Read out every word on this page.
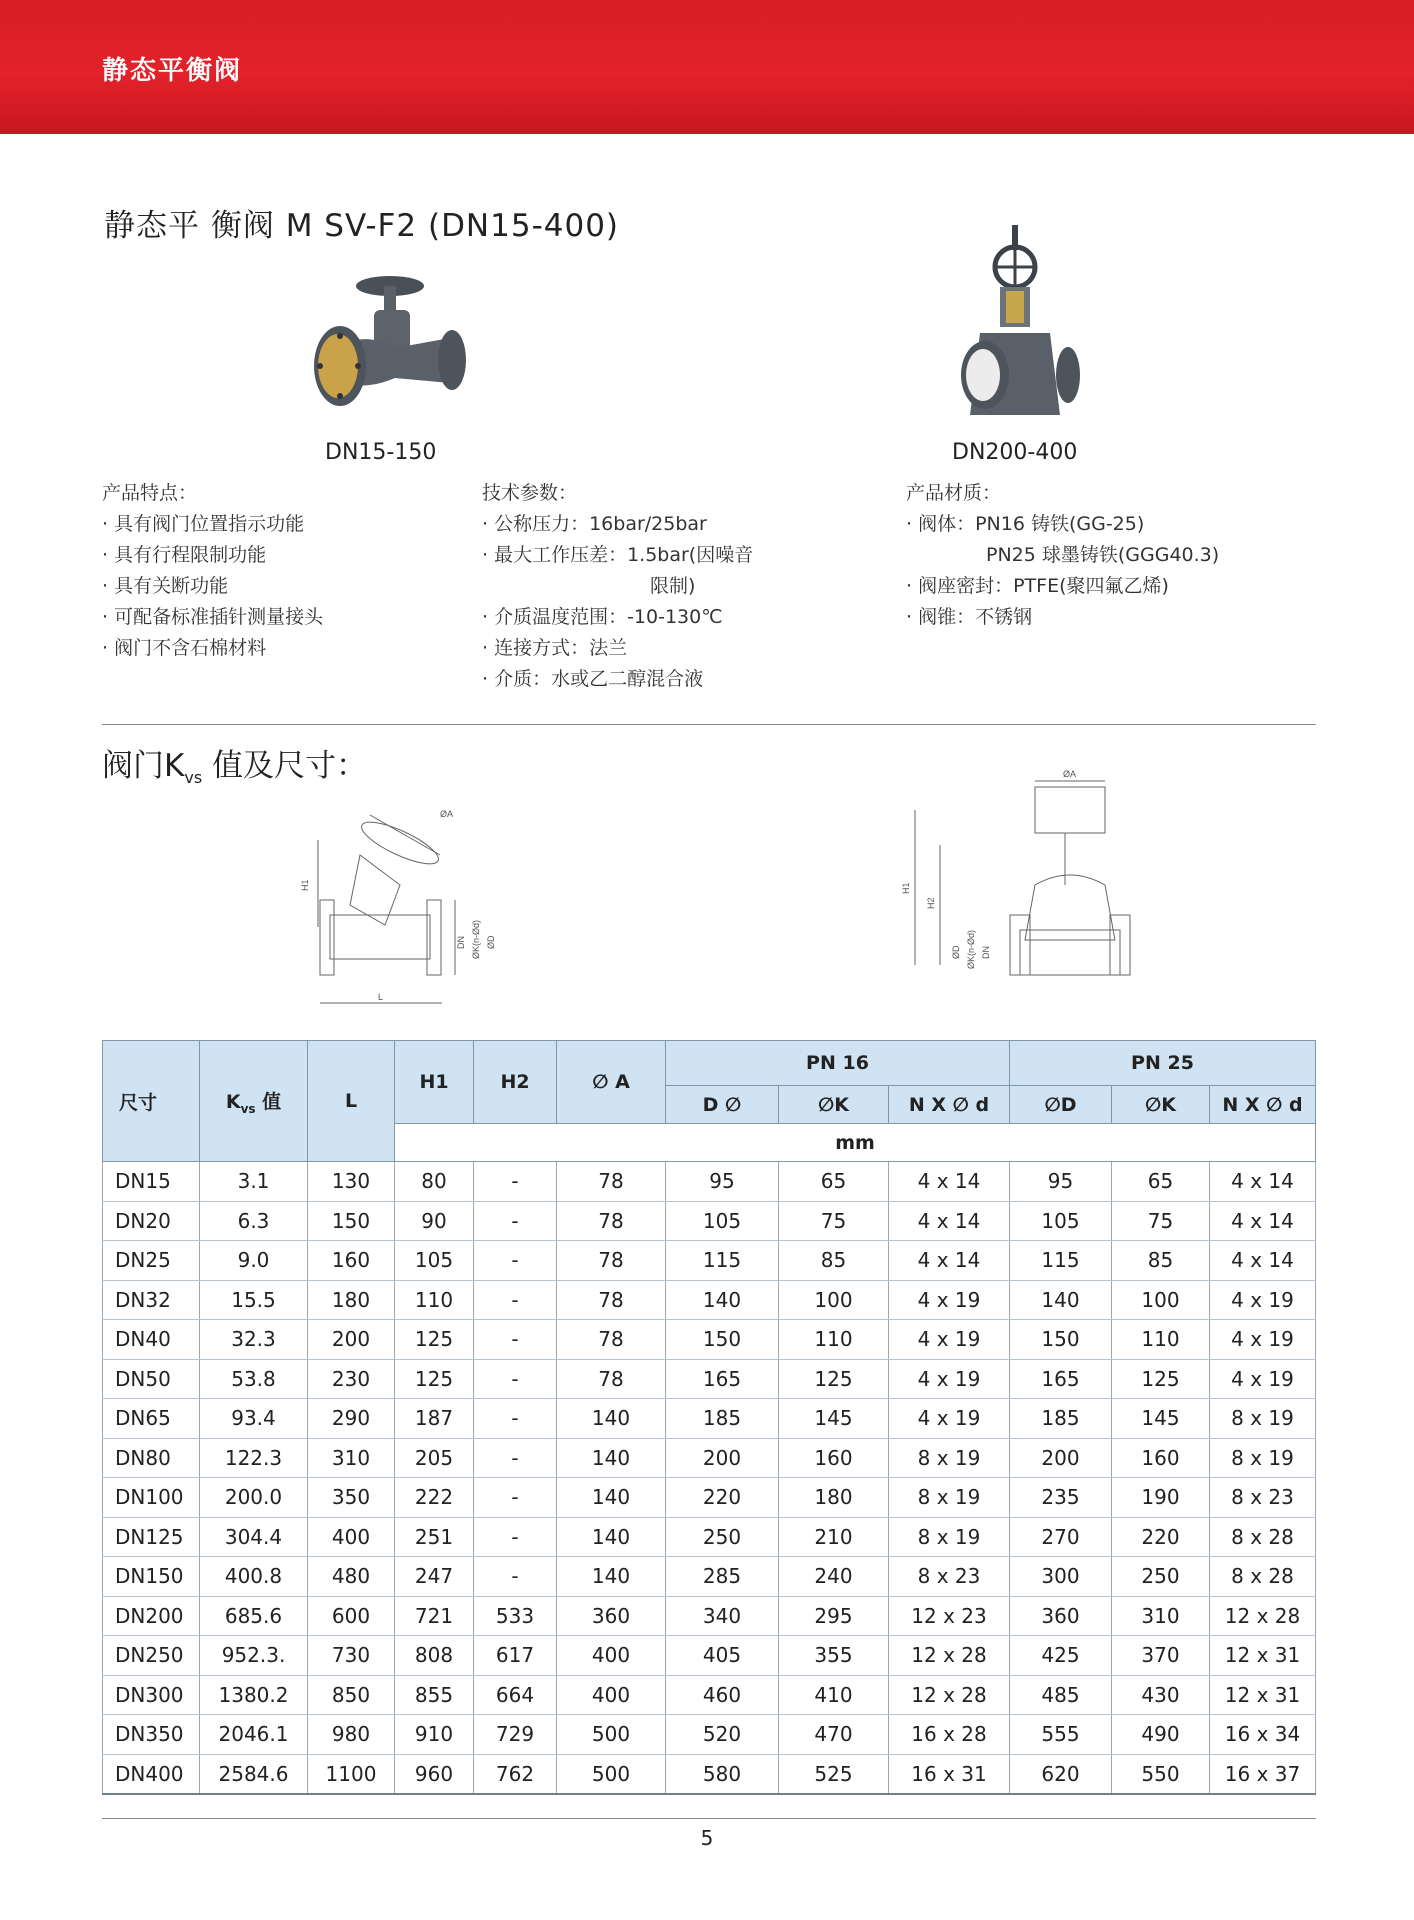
静态平衡阀
静态平 衡阀 M SV-F2 (DN15-400)
DN15-150	DN200-400
产品特点：
· 具有阀门位置指示功能
· 具有行程限制功能
· 具有关断功能
· 可配备标准插针测量接头
· 阀门不含石棉材料
技术参数：
· 公称压力：16bar/25bar
· 最大工作压差：1.5bar(因噪音
限制)
· 介质温度范围：-10-130℃
· 连接方式：法兰
· 介质：水或乙二醇混合液
产品材质：
· 阀体：PN16 铸铁(GG-25)
PN25 球墨铸铁(GGG40.3)
· 阀座密封：PTFE(聚四氟乙烯)
· 阀锥：不锈钢
阀门$K_{vs}$ 值及尺寸：
H1
ØA
DN ØK(n-Ød) ØD
L
ØA
H1
H2
ØD ØK(n-Ød) DN
尺寸	$K_{vs}$ 值	L	H1	H2	∅ A	PN 16			PN 25		
						D ∅	∅K	N X ∅ d	∅D	∅K	N X ∅ d
			mm								
DN15	3.1	130	80	-	78	95	65	4 x 14	95	65	4 x 14
DN20	6.3	150	90	-	78	105	75	4 x 14	105	75	4 x 14
DN25	9.0	160	105	-	78	115	85	4 x 14	115	85	4 x 14
DN32	15.5	180	110	-	78	140	100	4 x 19	140	100	4 x 19
DN40	32.3	200	125	-	78	150	110	4 x 19	150	110	4 x 19
DN50	53.8	230	125	-	78	165	125	4 x 19	165	125	4 x 19
DN65	93.4	290	187	-	140	185	145	4 x 19	185	145	8 x 19
DN80	122.3	310	205	-	140	200	160	8 x 19	200	160	8 x 19
DN100	200.0	350	222	-	140	220	180	8 x 19	235	190	8 x 23
DN125	304.4	400	251	-	140	250	210	8 x 19	270	220	8 x 28
DN150	400.8	480	247	-	140	285	240	8 x 23	300	250	8 x 28
DN200	685.6	600	721	533	360	340	295	12 x 23	360	310	12 x 28
DN250	952.3.	730	808	617	400	405	355	12 x 28	425	370	12 x 31
DN300	1380.2	850	855	664	400	460	410	12 x 28	485	430	12 x 31
DN350	2046.1	980	910	729	500	520	470	16 x 28	555	490	16 x 34
DN400	2584.6	1100	960	762	500	580	525	16 x 31	620	550	16 x 37
5
